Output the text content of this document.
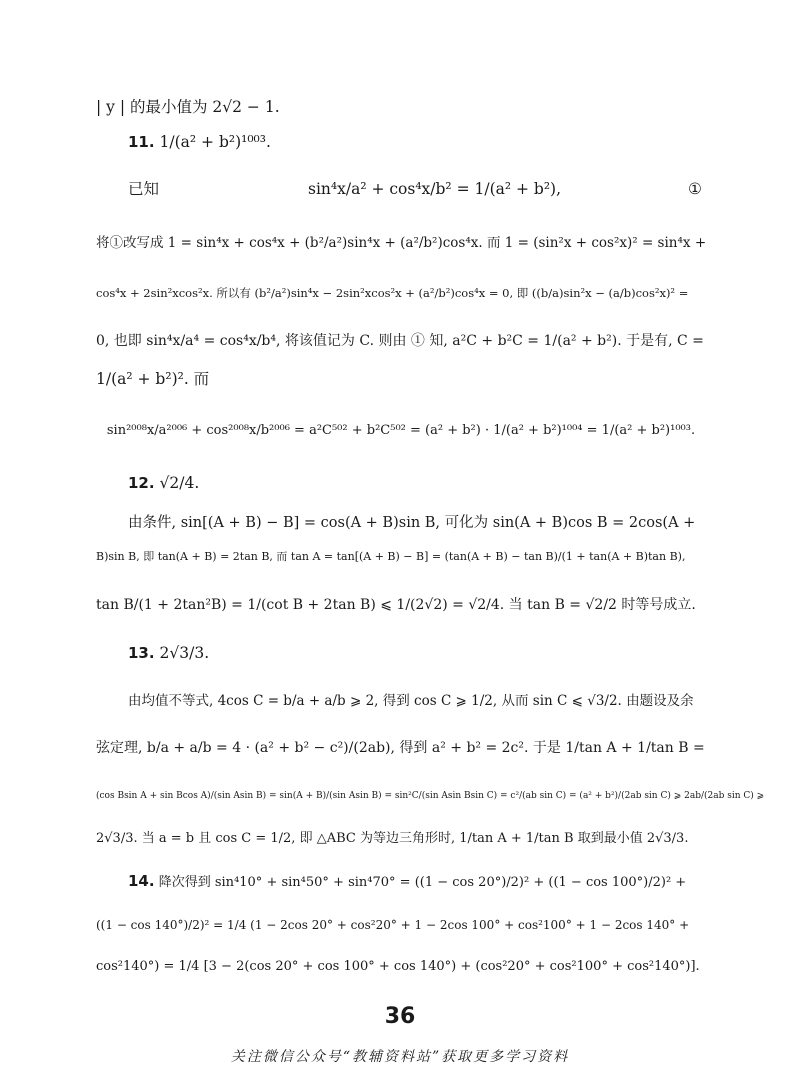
| y | 的最小值为 2√2 − 1.
11. 1/(a² + b²)¹⁰⁰³.
已知	sin⁴x/a² + cos⁴x/b² = 1/(a² + b²),	①
将①改写成 1 = sin⁴x + cos⁴x + (b²/a²)sin⁴x + (a²/b²)cos⁴x. 而 1 = (sin²x + cos²x)² = sin⁴x +
cos⁴x + 2sin²xcos²x. 所以有 (b²/a²)sin⁴x − 2sin²xcos²x + (a²/b²)cos⁴x = 0, 即 ((b/a)sin²x − (a/b)cos²x)² =
0, 也即 sin⁴x/a⁴ = cos⁴x/b⁴, 将该值记为 C. 则由 ① 知, a²C + b²C = 1/(a² + b²). 于是有, C =
1/(a² + b²)². 而
sin²⁰⁰⁸x/a²⁰⁰⁶ + cos²⁰⁰⁸x/b²⁰⁰⁶ = a²C⁵⁰² + b²C⁵⁰² = (a² + b²) · 1/(a² + b²)¹⁰⁰⁴ = 1/(a² + b²)¹⁰⁰³.
12. √2/4.
由条件, sin[(A + B) − B] = cos(A + B)sin B, 可化为 sin(A + B)cos B = 2cos(A +
B)sin B, 即 tan(A + B) = 2tan B, 而 tan A = tan[(A + B) − B] = (tan(A + B) − tan B)/(1 + tan(A + B)tan B),
tan B/(1 + 2tan²B) = 1/(cot B + 2tan B) ⩽ 1/(2√2) = √2/4. 当 tan B = √2/2 时等号成立.
13. 2√3/3.
由均值不等式, 4cos C = b/a + a/b ⩾ 2, 得到 cos C ⩾ 1/2, 从而 sin C ⩽ √3/2. 由题设及余
弦定理, b/a + a/b = 4 · (a² + b² − c²)/(2ab), 得到 a² + b² = 2c². 于是 1/tan A + 1/tan B =
(cos Bsin A + sin Bcos A)/(sin Asin B) = sin(A + B)/(sin Asin B) = sin²C/(sin Asin Bsin C) = c²/(ab sin C) = (a² + b²)/(2ab sin C) ⩾ 2ab/(2ab sin C) ⩾
2√3/3. 当 a = b 且 cos C = 1/2, 即 △ABC 为等边三角形时, 1/tan A + 1/tan B 取到最小值 2√3/3.
14. 降次得到 sin⁴10° + sin⁴50° + sin⁴70° = ((1 − cos 20°)/2)² + ((1 − cos 100°)/2)² +
((1 − cos 140°)/2)² = 1/4 (1 − 2cos 20° + cos²20° + 1 − 2cos 100° + cos²100° + 1 − 2cos 140° +
cos²140°) = 1/4 [3 − 2(cos 20° + cos 100° + cos 140°) + (cos²20° + cos²100° + cos²140°)].
36
关注微信公众号“教辅资料站”获取更多学习资料
